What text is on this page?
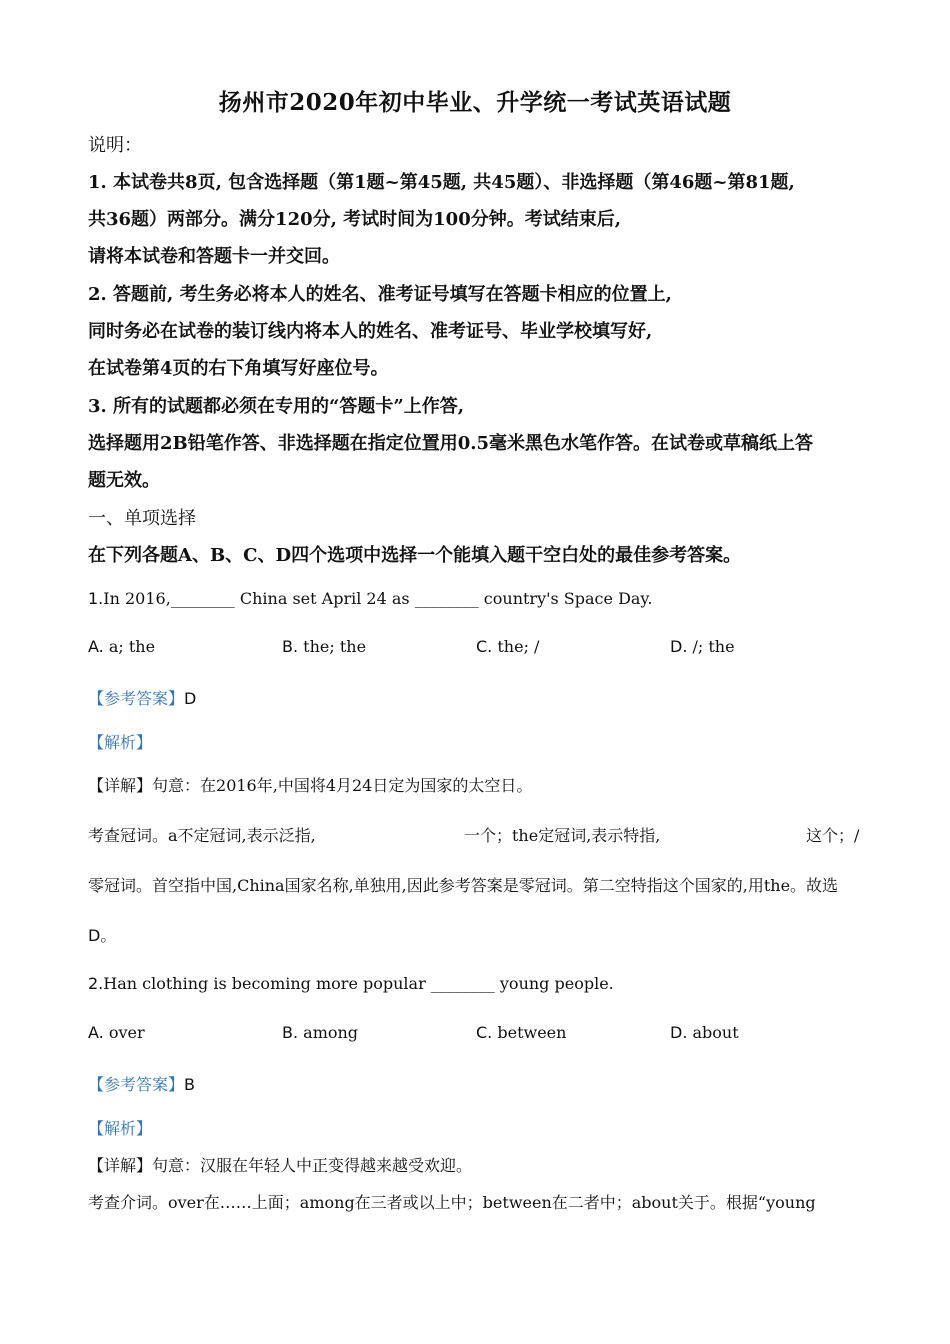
扬州市2020年初中毕业、升学统一考试英语试题
说明：
1. 本试卷共8页, 包含选择题（第1题~第45题, 共45题）、非选择题（第46题~第81题,
共36题）两部分。满分120分, 考试时间为100分钟。考试结束后,
请将本试卷和答题卡一并交回。
2. 答题前, 考生务必将本人的姓名、准考证号填写在答题卡相应的位置上,
同时务必在试卷的装订线内将本人的姓名、准考证号、毕业学校填写好,
在试卷第4页的右下角填写好座位号。
3. 所有的试题都必须在专用的“答题卡”上作答,
选择题用2B铅笔作答、非选择题在指定位置用0.5毫米黑色水笔作答。在试卷或草稿纸上答
题无效。
一、单项选择
在下列各题A、B、C、D四个选项中选择一个能填入题干空白处的最佳参考答案。
1.In 2016,________ China set April 24 as ________ country's Space Day.
A. a; the	B. the; the	C. the; /	D. /; the
【参考答案】D
【解析】
【详解】句意：在2016年,中国将4月24日定为国家的太空日。
考查冠词。a不定冠词,表示泛指,	一个；the定冠词,表示特指,	这个；/
零冠词。首空指中国,China国家名称,单独用,因此参考答案是零冠词。第二空特指这个国家的,用the。故选
D。
2.Han clothing is becoming more popular ________ young people.
A. over	B. among	C. between	D. about
【参考答案】B
【解析】
【详解】句意：汉服在年轻人中正变得越来越受欢迎。
考查介词。over在……上面；among在三者或以上中；between在二者中；about关于。根据“young
